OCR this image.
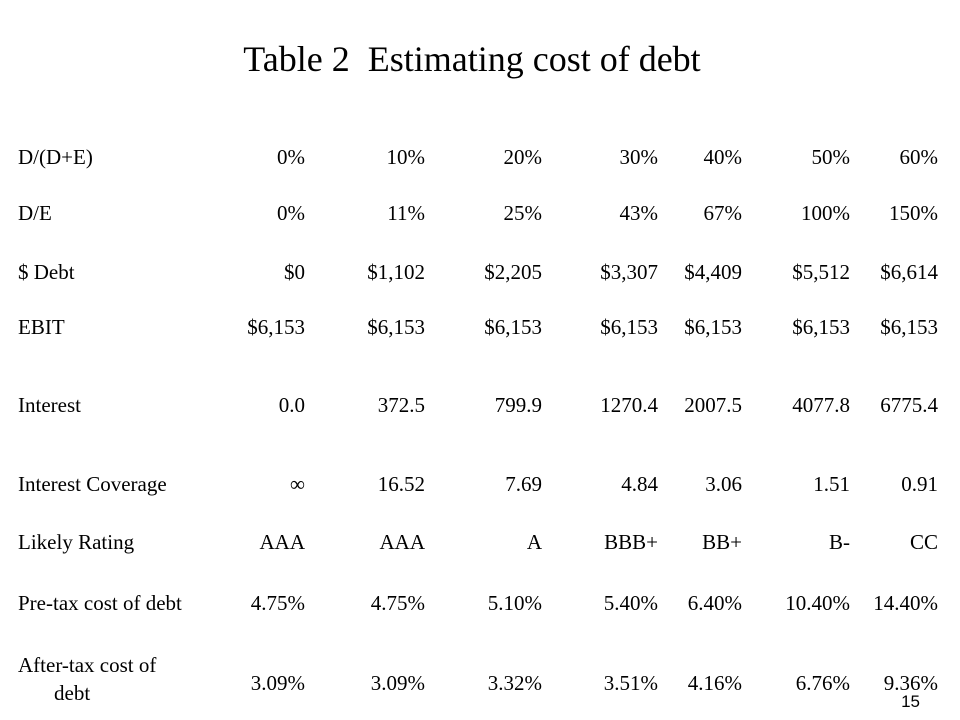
Table 2  Estimating cost of debt
D/(D+E)	0%	10%	20%	30%	40%	50%	60%
D/E	0%	11%	25%	43%	67%	100%	150%
$ Debt	$0	$1,102	$2,205	$3,307	$4,409	$5,512	$6,614
EBIT	$6,153	$6,153	$6,153	$6,153	$6,153	$6,153	$6,153
Interest	0.0	372.5	799.9	1270.4	2007.5	4077.8	6775.4
Interest Coverage	∞	16.52	7.69	4.84	3.06	1.51	0.91
Likely Rating	AAA	AAA	A	BBB+	BB+	B-	CC
Pre-tax cost of debt	4.75%	4.75%	5.10%	5.40%	6.40%	10.40%	14.40%
After-tax cost of
debt	3.09%	3.09%	3.32%	3.51%	4.16%	6.76%	9.36%
15
